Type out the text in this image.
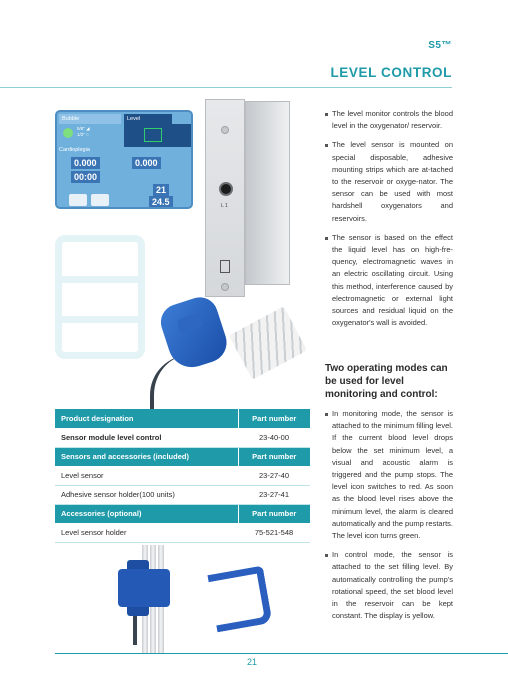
S5™
LEVEL CONTROL
Bubble	Level
5/8" ◢
1/2" ○
Cardioplegia
0.000	0.000
00:00
21
24.5	L 1

The level monitor controls the blood level in the oxygenator/ reservoir.

The level sensor is mounted on special disposable, adhesive mounting strips which are at-tached to the reservoir or oxyge-nator. The sensor can be used with most hardshell oxygenators and reservoirs.

The sensor is based on the effect the liquid level has on high-fre-quency, electromagnetic waves in an electric oscillating circuit. Using this method, interference caused by electromagnetic or external light sources and residual liquid on the oxygenator's wall is avoided.

Two operating modes can be used for level monitoring and control:

In monitoring mode, the sensor is attached to the minimum filling level. If the current blood level drops below the set minimum level, a visual and acoustic alarm is triggered and the pump stops. The level icon switches to red. As soon as the blood level rises above the minimum level, the alarm is cleared automatically and the pump restarts. The level icon turns green.

In control mode, the sensor is attached to the set filling level. By automatically controlling the pump's rotational speed, the set blood level in the reservoir can be kept constant. The display is yellow.

Product designation	Part number
Sensor module level control	23-40-00
Sensors and accessories (included)	Part number
Level sensor	23-27-40
Adhesive sensor holder(100 units)	23-27-41
Accessories (optional)	Part number
Level sensor holder	75-521-548
21
